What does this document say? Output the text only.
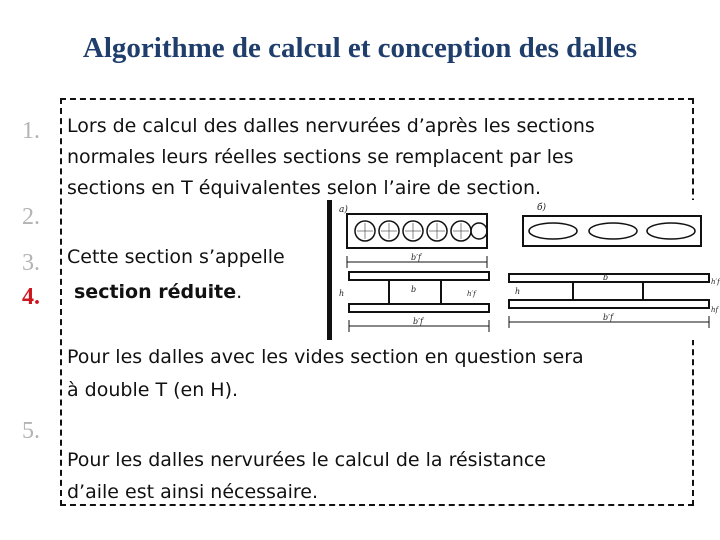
Algorithme de calcul et conception des dalles
1.
2.
3.
4.
5.
a)
b′f
b
h	h′f
b′f
б)
b
h
h′f
hf
b′f

Lors de calcul des dalles nervurées d’après les sections

normales leurs réelles sections se remplacent par les

sections en T équivalentes selon l’aire de section.

Cette section s’appelle

section réduite.

Pour les dalles avec les vides section en question sera

à double T (en H).

Pour les dalles nervurées le calcul de la résistance

d’aile est ainsi nécessaire.
